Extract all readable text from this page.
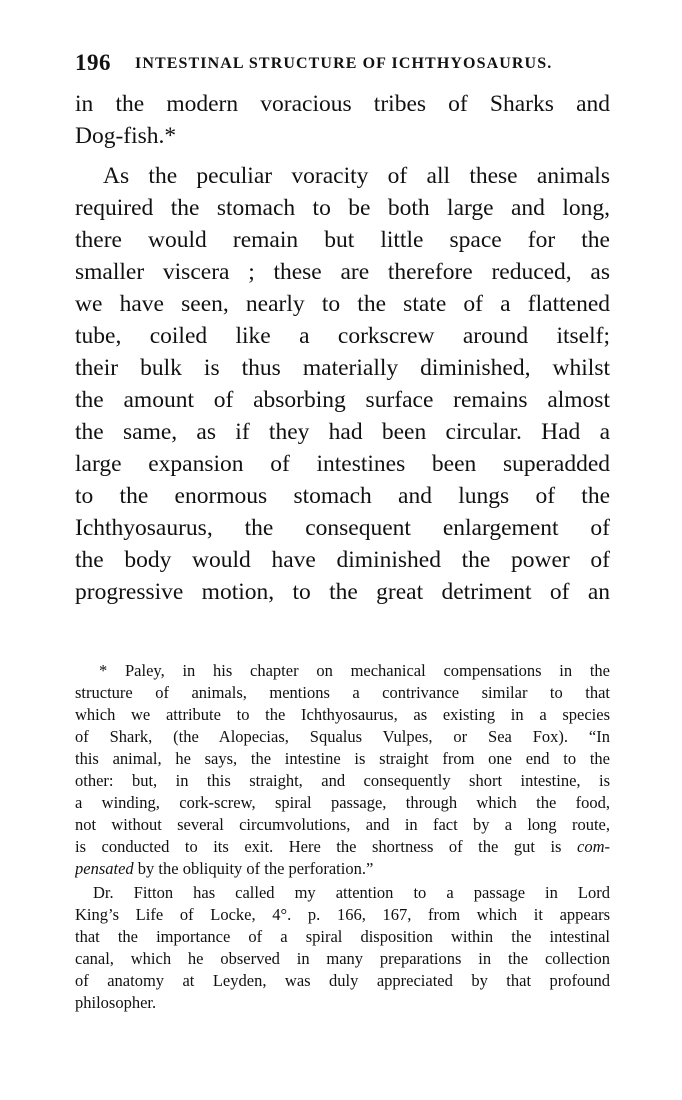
196 INTESTINAL STRUCTURE OF ICHTHYOSAURUS.
in the modern voracious tribes of Sharks and
Dog-fish.*
As the peculiar voracity of all these animals
required the stomach to be both large and long,
there would remain but little space for the
smaller viscera ; these are therefore reduced, as
we have seen, nearly to the state of a flattened
tube, coiled like a corkscrew around itself;
their bulk is thus materially diminished, whilst
the amount of absorbing surface remains almost
the same, as if they had been circular. Had a
large expansion of intestines been superadded
to the enormous stomach and lungs of the
Ichthyosaurus, the consequent enlargement of
the body would have diminished the power of
progressive motion, to the great detriment of an
* Paley, in his chapter on mechanical compensations in the
structure of animals, mentions a contrivance similar to that
which we attribute to the Ichthyosaurus, as existing in a species
of Shark, (the Alopecias, Squalus Vulpes, or Sea Fox). “In
this animal, he says, the intestine is straight from one end to the
other: but, in this straight, and consequently short intestine, is
a winding, cork-screw, spiral passage, through which the food,
not without several circumvolutions, and in fact by a long route,
is conducted to its exit. Here the shortness of the gut is com-
pensated by the obliquity of the perforation.”
Dr. Fitton has called my attention to a passage in Lord
King’s Life of Locke, 4°. p. 166, 167, from which it appears
that the importance of a spiral disposition within the intestinal
canal, which he observed in many preparations in the collection
of anatomy at Leyden, was duly appreciated by that profound
philosopher.
